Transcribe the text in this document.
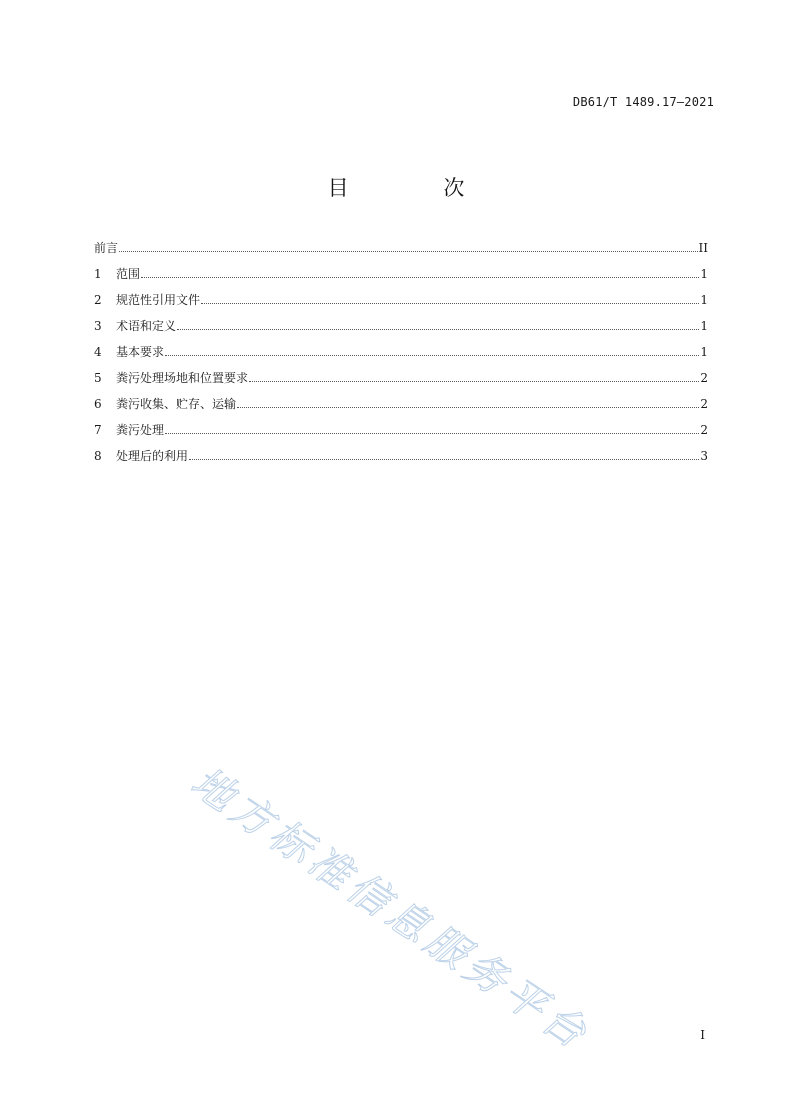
DB61/T 1489.17—2021
目 次
前言	II
1	范围	1
2	规范性引用文件	1
3	术语和定义	1
4	基本要求	1
5	粪污处理场地和位置要求	2
6	粪污收集、贮存、运输	2
7	粪污处理	2
8	处理后的利用	3
地方标准信息服务平台	I
